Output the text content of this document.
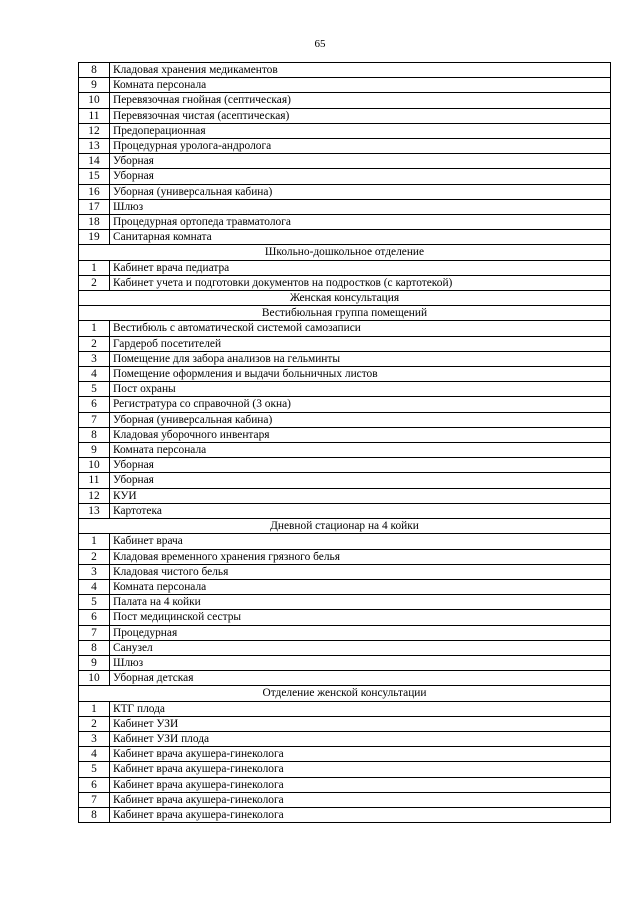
65
8	Кладовая хранения медикаментов
9	Комната персонала
10	Перевязочная гнойная (септическая)
11	Перевязочная чистая (асептическая)
12	Предоперационная
13	Процедурная уролога-андролога
14	Уборная
15	Уборная
16	Уборная (универсальная кабина)
17	Шлюз
18	Процедурная ортопеда травматолога
19	Санитарная комната
Школьно-дошкольное отделение	
1	Кабинет врача педиатра
2	Кабинет учета и подготовки документов на подростков (с картотекой)
Женская консультация	
Вестибюльная группа помещений	
1	Вестибюль с автоматической системой самозаписи
2	Гардероб посетителей
3	Помещение для забора анализов на гельминты
4	Помещение оформления и выдачи больничных листов
5	Пост охраны
6	Регистратура со справочной (3 окна)
7	Уборная (универсальная кабина)
8	Кладовая уборочного инвентаря
9	Комната персонала
10	Уборная
11	Уборная
12	КУИ
13	Картотека
Дневной стационар на 4 койки	
1	Кабинет врача
2	Кладовая временного хранения грязного белья
3	Кладовая чистого белья
4	Комната персонала
5	Палата на 4 койки
6	Пост медицинской сестры
7	Процедурная
8	Санузел
9	Шлюз
10	Уборная детская
Отделение женской консультации	
1	КТГ плода
2	Кабинет УЗИ
3	Кабинет УЗИ плода
4	Кабинет врача акушера-гинеколога
5	Кабинет врача акушера-гинеколога
6	Кабинет врача акушера-гинеколога
7	Кабинет врача акушера-гинеколога
8	Кабинет врача акушера-гинеколога
